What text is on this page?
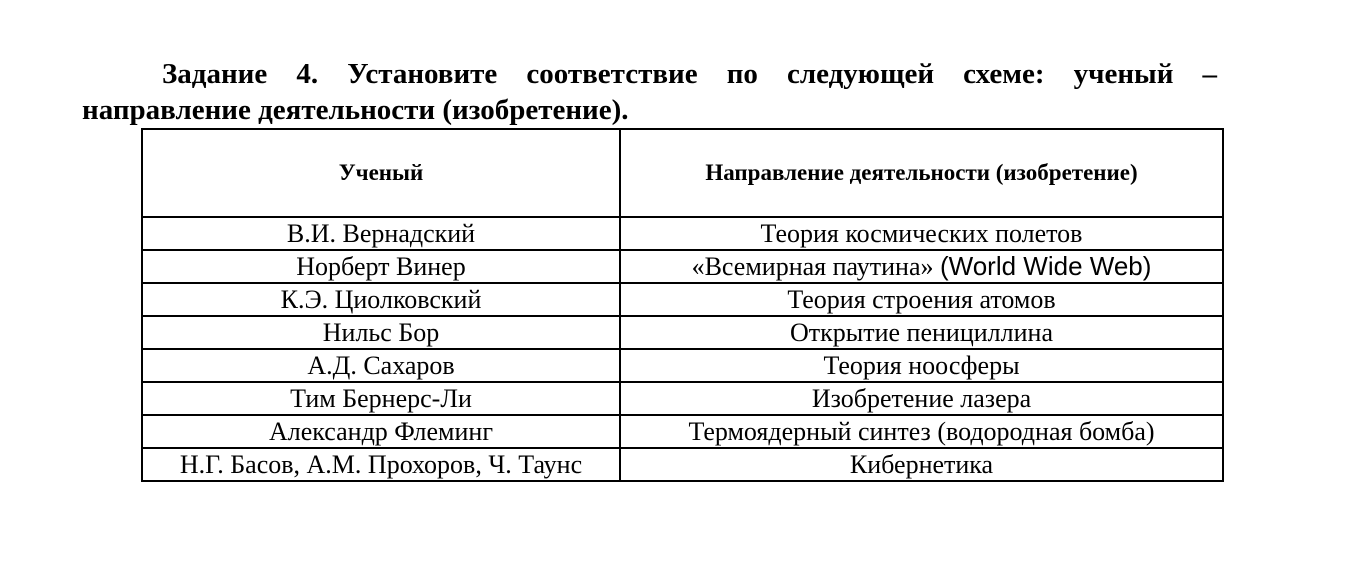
Задание 4. Установите соответствие по следующей схеме: ученый –
направление деятельности (изобретение).

Ученый	Направление деятельности (изобретение)
В.И. Вернадский	Теория космических полетов
Норберт Винер	«Всемирная паутина» (World Wide Web)
К.Э. Циолковский	Теория строения атомов
Нильс Бор	Открытие пенициллина
А.Д. Сахаров	Теория ноосферы
Тим Бернерс-Ли	Изобретение лазера
Александр Флеминг	Термоядерный синтез (водородная бомба)
Н.Г. Басов, А.М. Прохоров, Ч. Таунс	Кибернетика
